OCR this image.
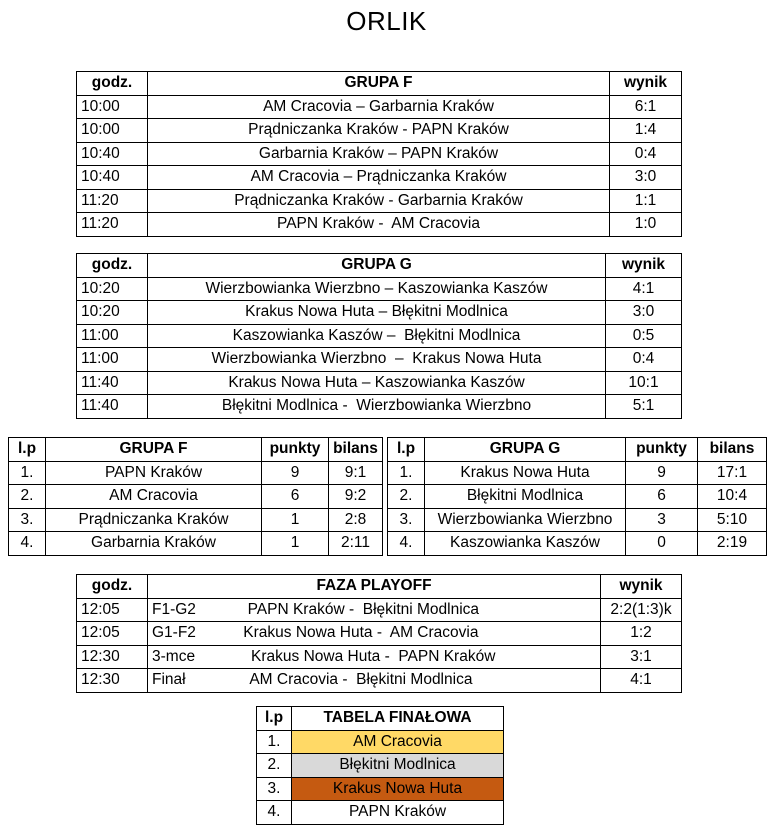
ORLIK
godz.	GRUPA F	wynik
10:00	AM Cracovia – Garbarnia Kraków	6:1
10:00	Prądniczanka Kraków - PAPN Kraków	1:4
10:40	Garbarnia Kraków – PAPN Kraków	0:4
10:40	AM Cracovia – Prądniczanka Kraków	3:0
11:20	Prądniczanka Kraków - Garbarnia Kraków	1:1
11:20	PAPN Kraków -  AM Cracovia	1:0
godz.	GRUPA G	wynik
10:20	Wierzbowianka Wierzbno – Kaszowianka Kaszów	4:1
10:20	Krakus Nowa Huta – Błękitni Modlnica	3:0
11:00	Kaszowianka Kaszów –  Błękitni Modlnica	0:5
11:00	Wierzbowianka Wierzbno  –  Krakus Nowa Huta	0:4
11:40	Krakus Nowa Huta – Kaszowianka Kaszów	10:1
11:40	Błękitni Modlnica -  Wierzbowianka Wierzbno	5:1
l.p	GRUPA F	punkty	bilans
1.	PAPN Kraków	9	9:1
2.	AM Cracovia	6	9:2
3.	Prądniczanka Kraków	1	2:8
4.	Garbarnia Kraków	1	2:11
l.p	GRUPA G	punkty	bilans
1.	Krakus Nowa Huta	9	17:1
2.	Błękitni Modlnica	6	10:4
3.	Wierzbowianka Wierzbno	3	5:10
4.	Kaszowianka Kaszów	0	2:19
godz.	FAZA PLAYOFF	wynik
12:05	F1-G2            PAPN Kraków -  Błękitni Modlnica	2:2(1:3)k
12:05	G1-F2           Krakus Nowa Huta -  AM Cracovia	1:2
12:30	3-mce             Krakus Nowa Huta -  PAPN Kraków	3:1
12:30	Finał               AM Cracovia -  Błękitni Modlnica	4:1
l.p	TABELA FINAŁOWA
1.	AM Cracovia
2.	Błękitni Modlnica
3.	Krakus Nowa Huta
4.	PAPN Kraków
